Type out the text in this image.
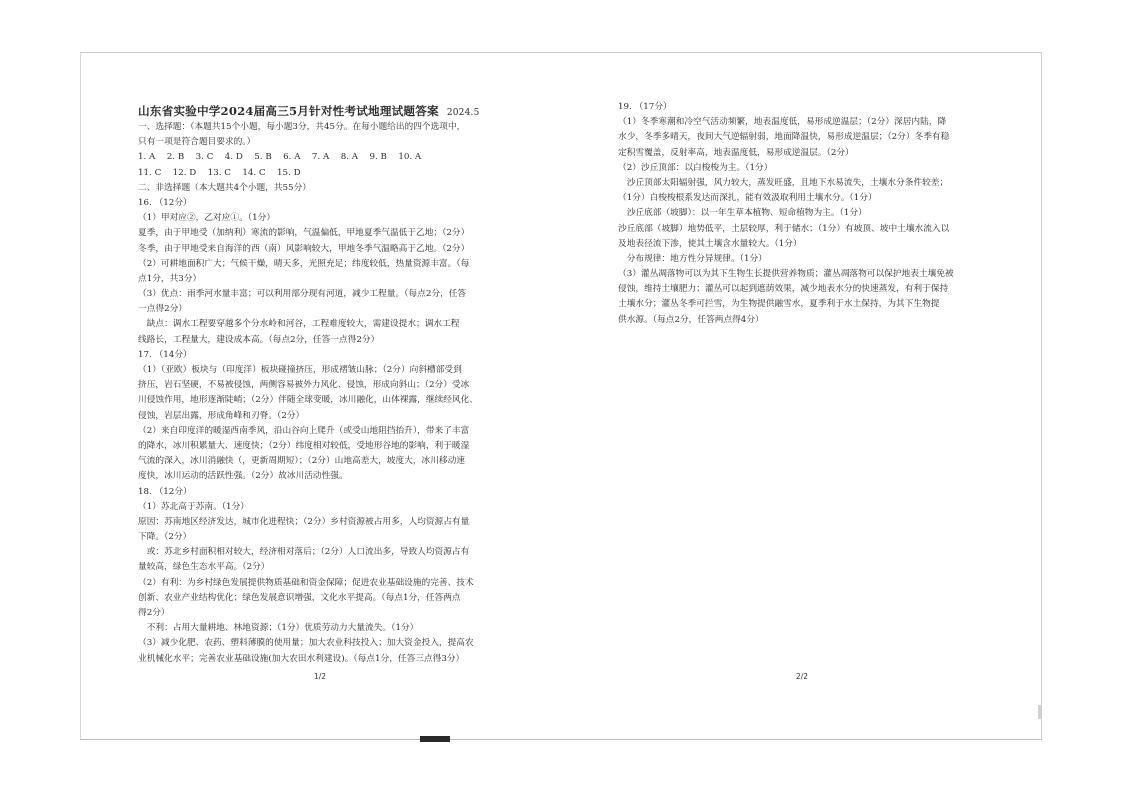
山东省实验中学2024届高三5月针对性考试地理试题答案 2024.5
一、选择题：（本题共15个小题，每小题3分，共45分。在每小题给出的四个选项中，
只有一项是符合题目要求的。）
1. A　 2. B　 3. C　 4. D　 5. B　 6. A　 7. A　 8. A　 9. B　 10. A
11. C　 12. D　 13. C　 14. C　 15. D
二、非选择题（本大题共4个小题，共55分）
16. （12分）
（1）甲对应②，乙对应①。（1分）
夏季，由于甲地受（加纳利）寒流的影响，气温偏低，甲地夏季气温低于乙地；（2分）
冬季，由于甲地受来自海洋的西（南）风影响较大，甲地冬季气温略高于乙地。（2分）
（2）可耕地面积广大；气候干燥，晴天多，光照充足；纬度较低，热量资源丰富。（每
点1分，共3分）
（3）优点：雨季河水量丰富；可以利用部分现有河道，减少工程量。（每点2分，任答
一点得2分）
　缺点：调水工程要穿越多个分水岭和河谷，工程难度较大，需建设提水；调水工程
线路长，工程量大，建设成本高。（每点2分，任答一点得2分）
17. （14分）
（1）（亚欧）板块与（印度洋）板块碰撞挤压，形成褶皱山脉；（2分）向斜槽部受到
挤压，岩石坚硬，不易被侵蚀，两侧容易被外力风化、侵蚀，形成向斜山；（2分）受冰
川侵蚀作用，地形逐渐陡峭；（2分）伴随全球变暖，冰川融化，山体裸露，继续经风化、
侵蚀，岩层出露，形成角峰和刃脊。（2分）
（2）来自印度洋的暖湿西南季风，沿山谷向上爬升（或受山地阻挡抬升），带来了丰富
的降水，冰川积累量大、速度快；（2分）纬度相对较低，受地形谷地的影响，利于暖湿
气流的深入，冰川消融快（，更新周期短）；（2分）山地高差大，坡度大，冰川移动速
度快，冰川运动的活跃性强。（2分）故冰川活动性强。
18. （12分）
（1）苏北高于苏南。（1分）
原因：苏南地区经济发达，城市化进程快；（2分）乡村资源被占用多，人均资源占有量
下降。（2分）
　或：苏北乡村面积相对较大，经济相对落后；（2分）人口流出多，导致人均资源占有
量较高，绿色生态水平高。（2分）
（2）有利：为乡村绿色发展提供物质基础和资金保障；促进农业基础设施的完善、技术
创新、农业产业结构优化；绿色发展意识增强，文化水平提高。（每点1分，任答两点
得2分）
　不利：占用大量耕地、林地资源；（1分）优质劳动力大量流失。（1分）
（3）减少化肥、农药、塑料薄膜的使用量；加大农业科技投入；加大资金投入，提高农
业机械化水平；完善农业基础设施(加大农田水利建设)。（每点1分，任答三点得3分）
19. （17分）
（1）冬季寒潮和冷空气活动频繁，地表温度低，易形成逆温层；（2分）深居内陆，降
水少，冬季多晴天，夜间大气逆辐射弱，地面降温快，易形成逆温层；（2分）冬季有稳
定积雪覆盖，反射率高，地表温度低，易形成逆温层。（2分）
（2）沙丘顶部：以白梭梭为主。（1分）
　沙丘顶部太阳辐射强，风力较大，蒸发旺盛，且地下水易流失，土壤水分条件较差；
（1分）白梭梭根系发达而深扎，能有效汲取利用土壤水分。（1分）
　沙丘底部（坡脚）：以一年生草本植物、短命植物为主。（1分）
沙丘底部（坡脚）地势低平，土层较厚，利于储水；（1分）有坡顶、坡中土壤水流入以
及地表径流下渗，使其土壤含水量较大。（1分）
　分布规律：地方性分异规律。（1分）
（3）灌丛凋落物可以为其下生物生长提供营养物质；灌丛凋落物可以保护地表土壤免被
侵蚀，维持土壤肥力；灌丛可以起到遮荫效果，减少地表水分的快速蒸发，有利于保持
土壤水分；灌丛冬季可拦雪，为生物提供融雪水，夏季利于水土保持，为其下生物提
供水源。（每点2分，任答两点得4分）
1/2	2/2
